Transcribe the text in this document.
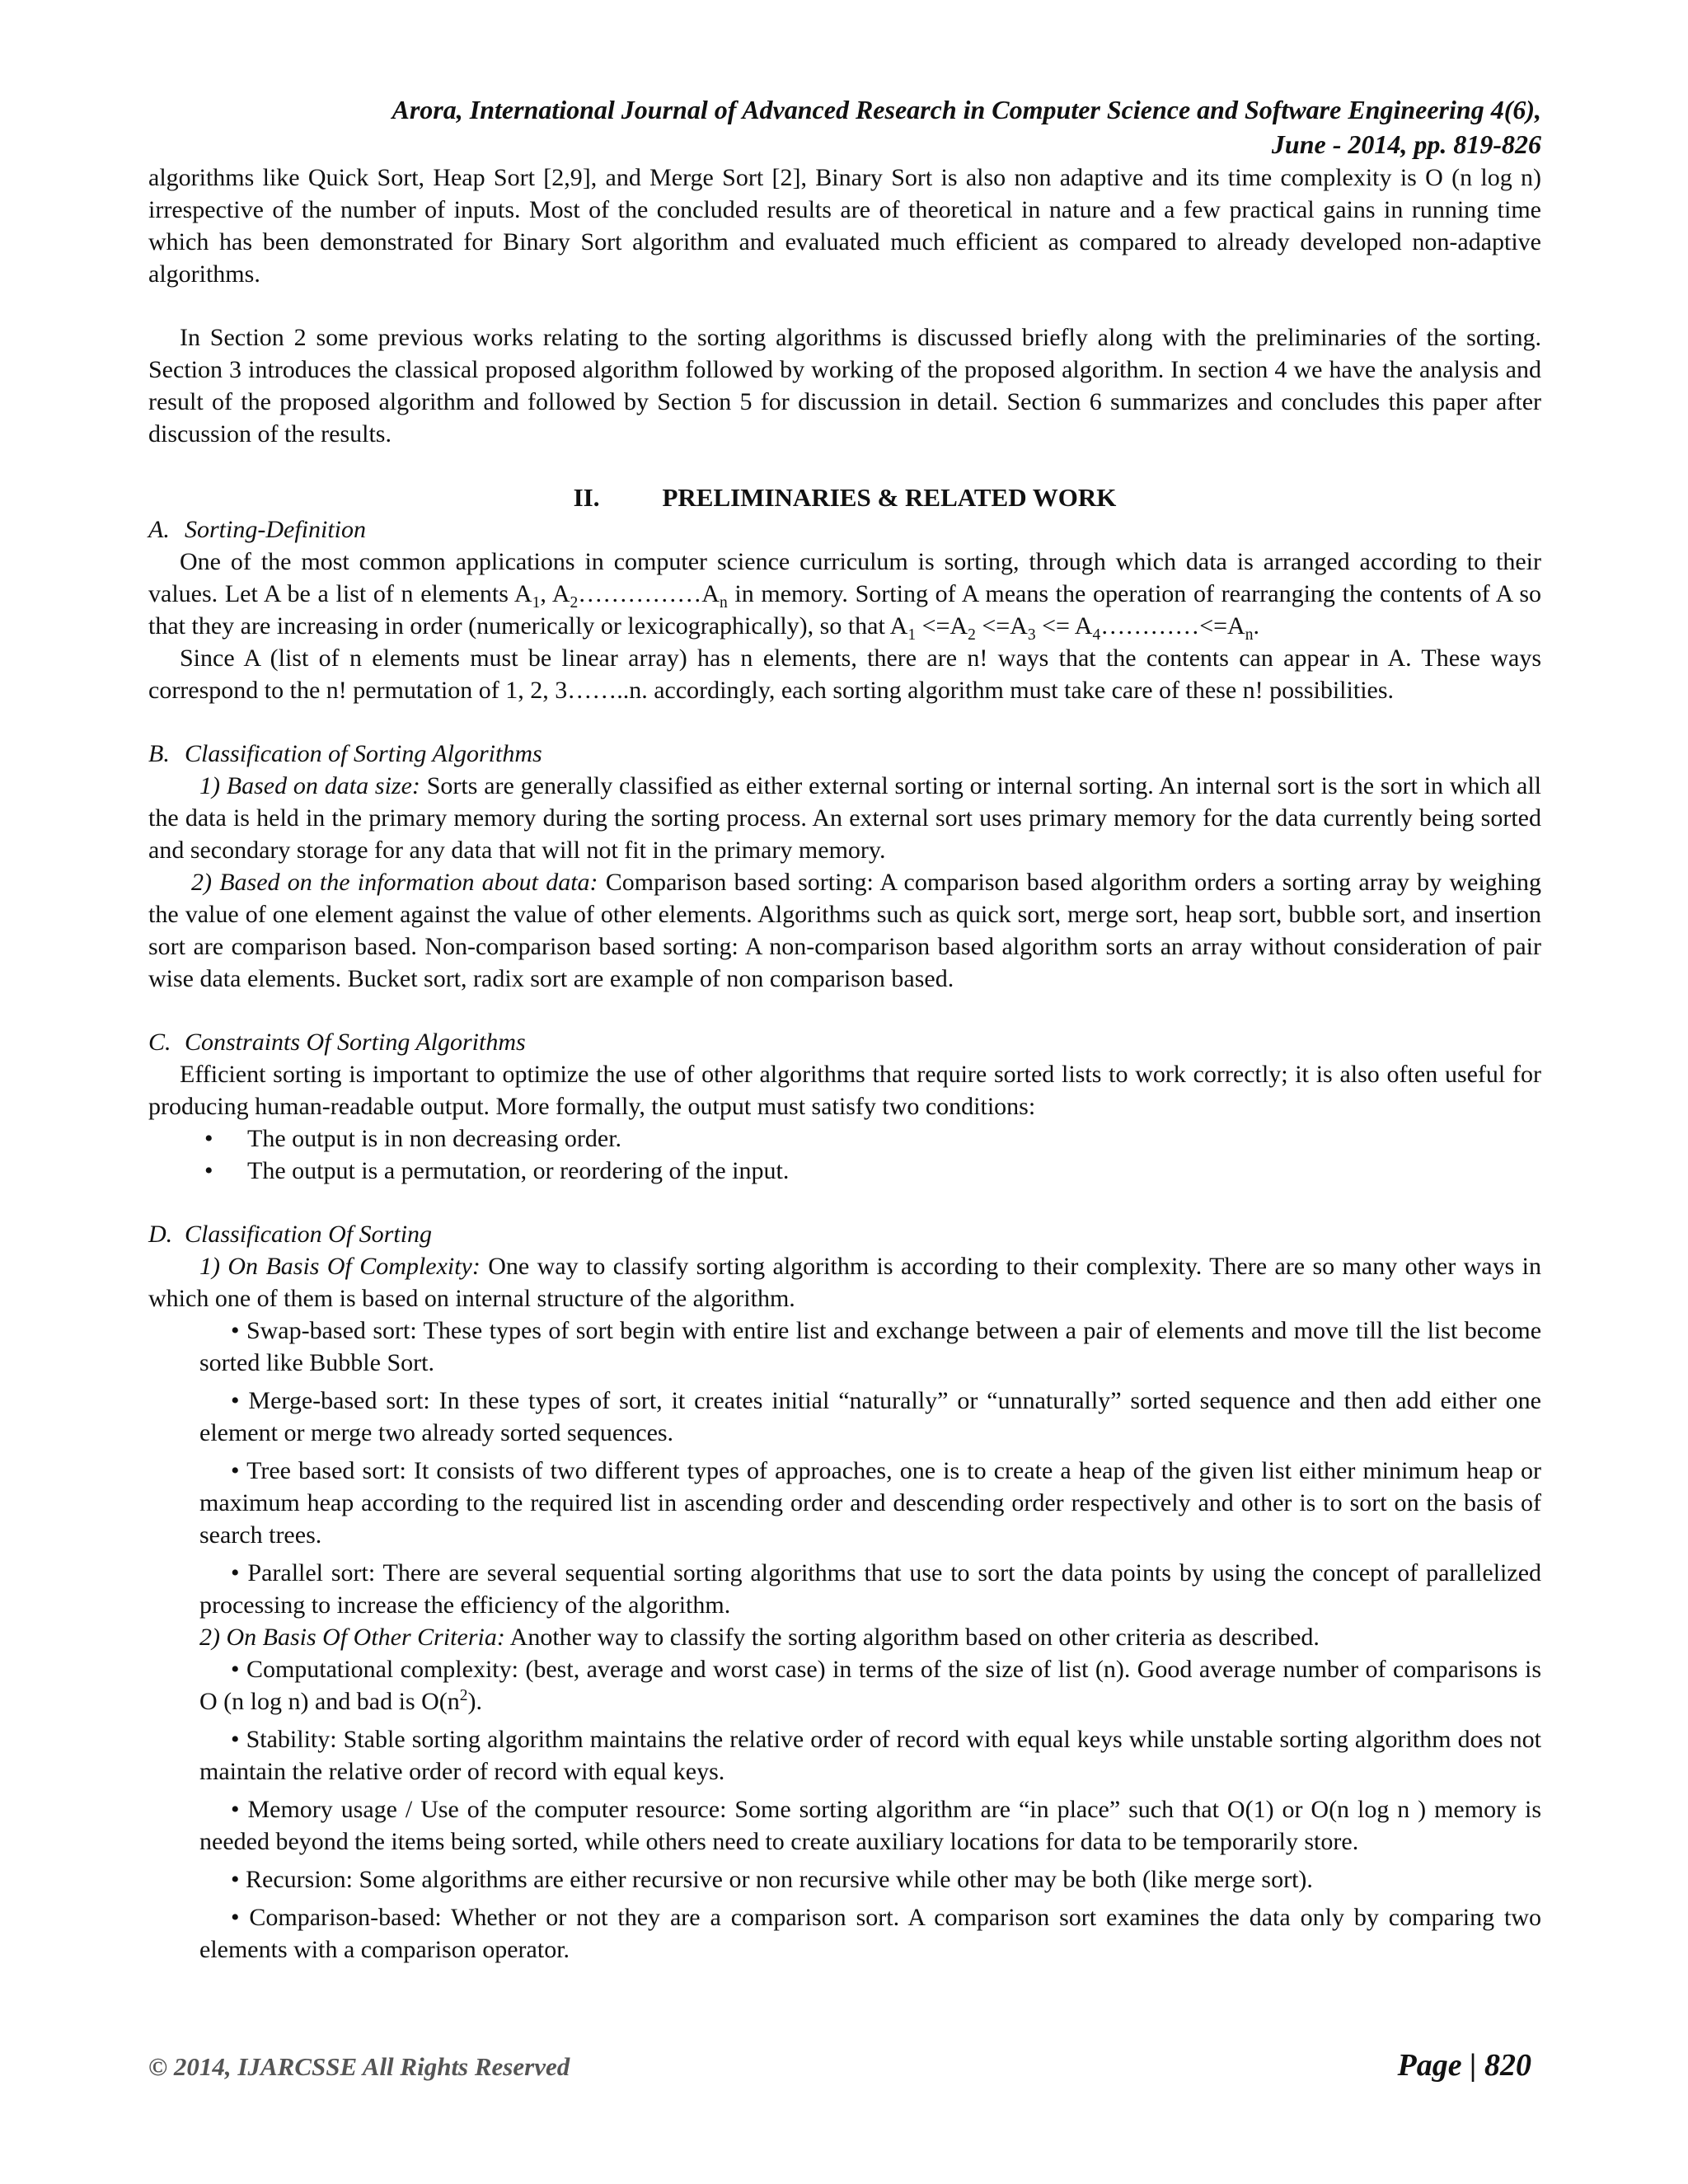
Arora, International Journal of Advanced Research in Computer Science and Software Engineering 4(6),
June - 2014, pp. 819-826

algorithms like Quick Sort, Heap Sort [2,9], and Merge Sort [2], Binary Sort is also non adaptive and its time complexity is O (n log n) irrespective of the number of inputs. Most of the concluded results are of theoretical in nature and a few practical gains in running time which has been demonstrated for Binary Sort algorithm and evaluated much efficient as compared to already developed non-adaptive algorithms.

In Section 2 some previous works relating to the sorting algorithms is discussed briefly along with the preliminaries of the sorting. Section 3 introduces the classical proposed algorithm followed by working of the proposed algorithm. In section 4 we have the analysis and result of the proposed algorithm and followed by Section 5 for discussion in detail. Section 6 summarizes and concludes this paper after discussion of the results.

II. PRELIMINARIES & RELATED WORK

A. Sorting-Definition

One of the most common applications in computer science curriculum is sorting, through which data is arranged according to their values. Let A be a list of n elements $A_1$, $A_2\dots\dots\dots\dots\dots A_n$ in memory. Sorting of A means the operation of rearranging the contents of A so that they are increasing in order (numerically or lexicographically), so that $A_1 <=A_2 <=A_3$ <= $A_4\dots\dots\dots\dots<=A_n$.

Since A (list of n elements must be linear array) has n elements, there are n! ways that the contents can appear in A. These ways correspond to the n! permutation of 1, 2, 3……..n. accordingly, each sorting algorithm must take care of these n! possibilities.

B. Classification of Sorting Algorithms

1) Based on data size: Sorts are generally classified as either external sorting or internal sorting. An internal sort is the sort in which all the data is held in the primary memory during the sorting process. An external sort uses primary memory for the data currently being sorted and secondary storage for any data that will not fit in the primary memory.

2) Based on the information about data: Comparison based sorting: A comparison based algorithm orders a sorting array by weighing the value of one element against the value of other elements. Algorithms such as quick sort, merge sort, heap sort, bubble sort, and insertion sort are comparison based. Non-comparison based sorting: A non-comparison based algorithm sorts an array without consideration of pair wise data elements. Bucket sort, radix sort are example of non comparison based.

C. Constraints Of Sorting Algorithms

Efficient sorting is important to optimize the use of other algorithms that require sorted lists to work correctly; it is also often useful for producing human-readable output. More formally, the output must satisfy two conditions:

• The output is in non decreasing order.
• The output is a permutation, or reordering of the input.

D. Classification Of Sorting

1) On Basis Of Complexity: One way to classify sorting algorithm is according to their complexity. There are so many other ways in which one of them is based on internal structure of the algorithm.

• Swap-based sort: These types of sort begin with entire list and exchange between a pair of elements and move till the list become sorted like Bubble Sort.

• Merge-based sort: In these types of sort, it creates initial “naturally” or “unnaturally” sorted sequence and then add either one element or merge two already sorted sequences.

• Tree based sort: It consists of two different types of approaches, one is to create a heap of the given list either minimum heap or maximum heap according to the required list in ascending order and descending order respectively and other is to sort on the basis of search trees.

• Parallel sort: There are several sequential sorting algorithms that use to sort the data points by using the concept of parallelized processing to increase the efficiency of the algorithm.

2) On Basis Of Other Criteria: Another way to classify the sorting algorithm based on other criteria as described.

• Computational complexity: (best, average and worst case) in terms of the size of list (n). Good average number of comparisons is O (n log n) and bad is $O(n^2)$.

• Stability: Stable sorting algorithm maintains the relative order of record with equal keys while unstable sorting algorithm does not maintain the relative order of record with equal keys.

• Memory usage / Use of the computer resource: Some sorting algorithm are “in place” such that O(1) or O(n log n ) memory is needed beyond the items being sorted, while others need to create auxiliary locations for data to be temporarily store.

• Recursion: Some algorithms are either recursive or non recursive while other may be both (like merge sort).

• Comparison-based: Whether or not they are a comparison sort. A comparison sort examines the data only by comparing two elements with a comparison operator.

© 2014, IJARCSSE All Rights Reserved	Page | 820
